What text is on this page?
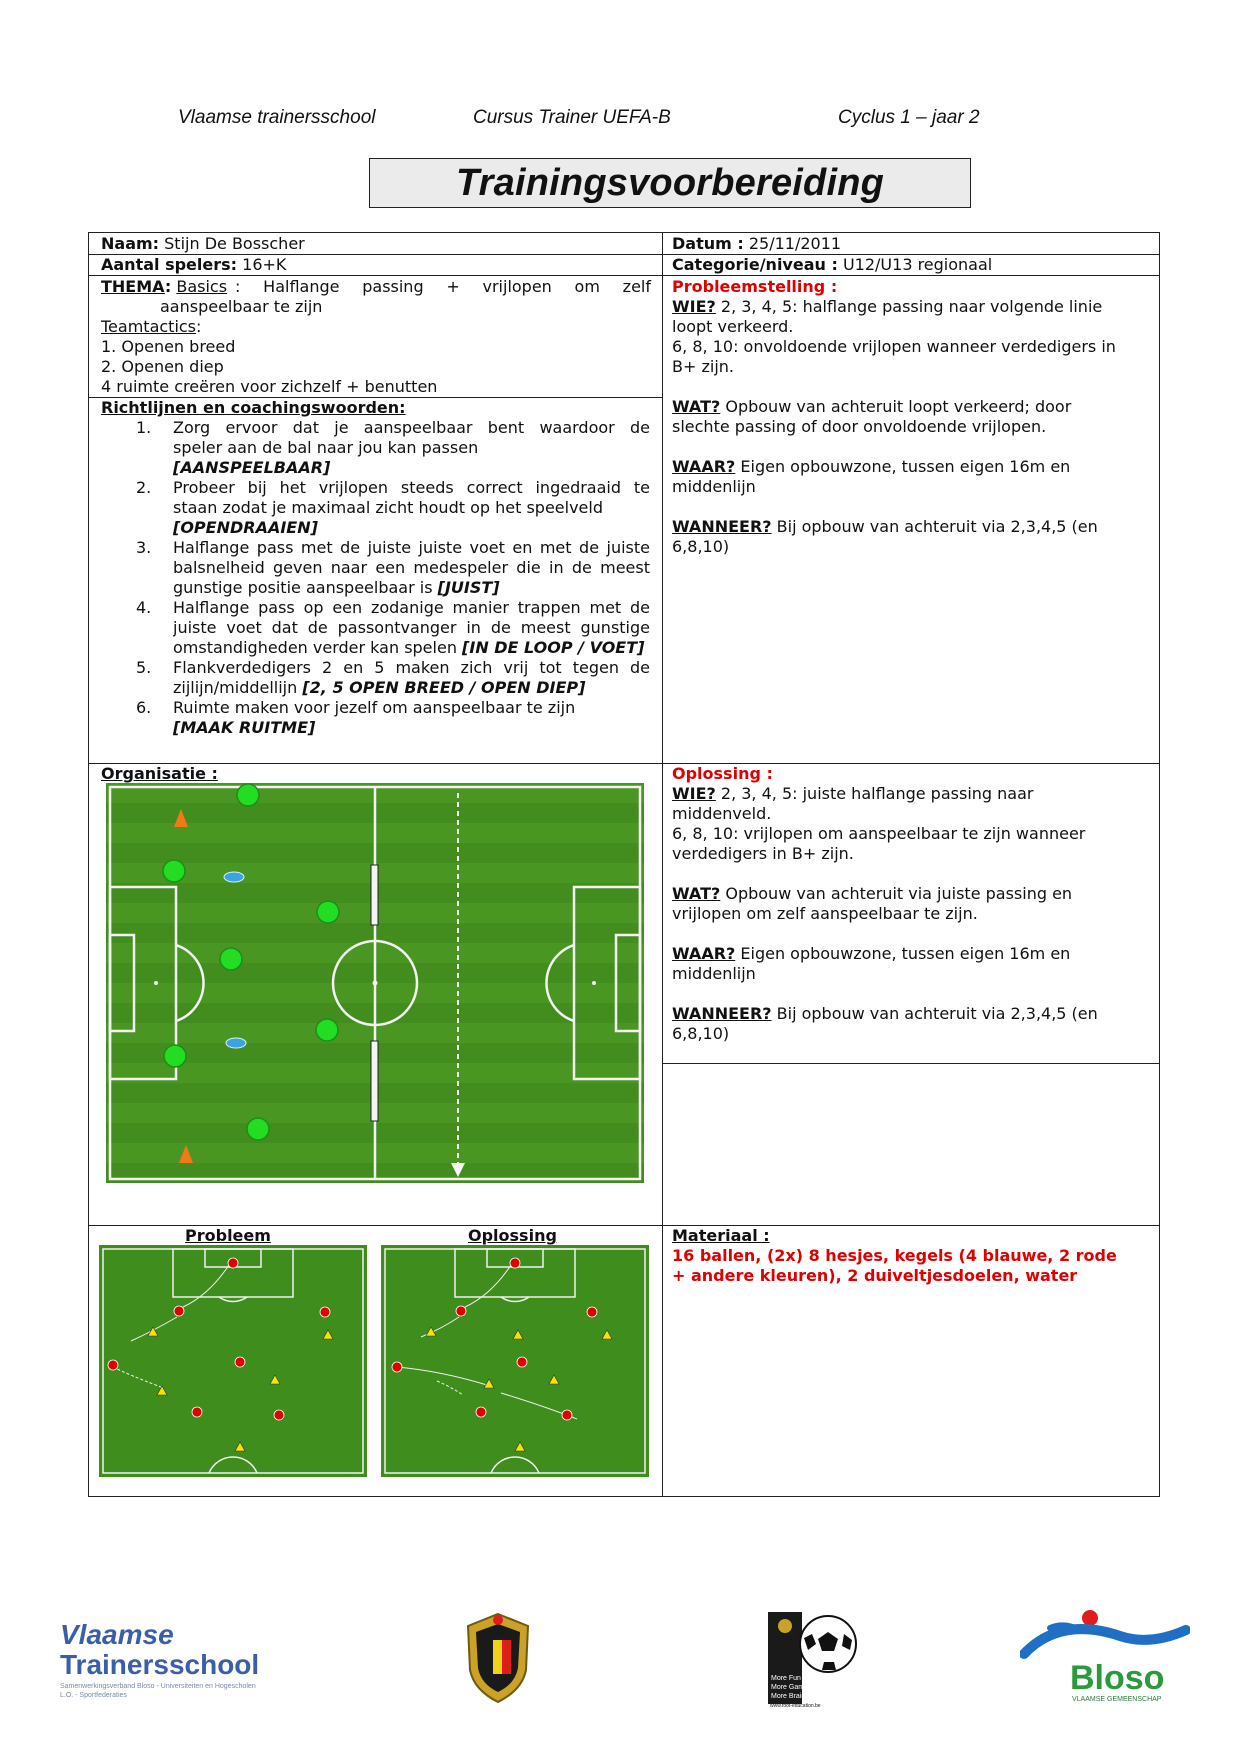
Vlaamse trainersschool	Cursus Trainer UEFA-B	Cyclus 1 – jaar 2
Trainingsvoorbereiding
Naam: Stijn De Bosscher	Datum : 25/11/2011
Aantal spelers: 16+K	Categorie/niveau : U12/U13 regionaal
THEMA: Basics : Halflange passing + vrijlopen om zelf
aanspeelbaar te zijn
Teamtactics:
1. Openen breed
2. Openen diep
4 ruimte creëren voor zichzelf + benutten
Richtlijnen en coachingswoorden:
1. Zorg ervoor dat je aanspeelbaar bent waardoor de
speler aan de bal naar jou kan passen
[AANSPEELBAAR]
2. Probeer bij het vrijlopen steeds correct ingedraaid te
staan zodat je maximaal zicht houdt op het speelveld
[OPENDRAAIEN]
3. Halflange pass met de juiste juiste voet en met de juiste
balsnelheid geven naar een medespeler die in de meest
gunstige positie aanspeelbaar is [JUIST]
4. Halflange pass op een zodanige manier trappen met de
juiste voet dat de passontvanger in de meest gunstige
omstandigheden verder kan spelen [IN DE LOOP / VOET]
5. Flankverdedigers 2 en 5 maken zich vrij tot tegen de
zijlijn/middellijn [2, 5 OPEN BREED / OPEN DIEP]
6. Ruimte maken voor jezelf om aanspeelbaar te zijn
[MAAK RUITME]
Probleemstelling :
WIE? 2, 3, 4, 5: halflange passing naar volgende linie
loopt verkeerd.
6, 8, 10: onvoldoende vrijlopen wanneer verdedigers in
B+ zijn.
WAT? Opbouw van achteruit loopt verkeerd; door
slechte passing of door onvoldoende vrijlopen.
WAAR? Eigen opbouwzone, tussen eigen 16m en
middenlijn
WANNEER? Bij opbouw van achteruit via 2,3,4,5 (en
6,8,10)
Organisatie :	Oplossing :
WIE? 2, 3, 4, 5: juiste halflange passing naar
middenveld.
6, 8, 10: vrijlopen om aanspeelbaar te zijn wanneer
verdedigers in B+ zijn.
WAT? Opbouw van achteruit via juiste passing en
vrijlopen om zelf aanspeelbaar te zijn.
WAAR? Eigen opbouwzone, tussen eigen 16m en
middenlijn
WANNEER? Bij opbouw van achteruit via 2,3,4,5 (en
6,8,10)
Probleem	Oplossing	Materiaal :
16 ballen, (2x) 8 hesjes, kegels (4 blauwe, 2 rode
+ andere kleuren), 2 duiveltjesdoelen, water
Vlaamse
Trainersschool
Samenwerkingsverband Bloso - Universiteiten en Hogescholen L.O. - Sportfederaties
More Fun
More Games
More Brains
www.foot-education.be
Bloso
VLAAMSE GEMEENSCHAP
